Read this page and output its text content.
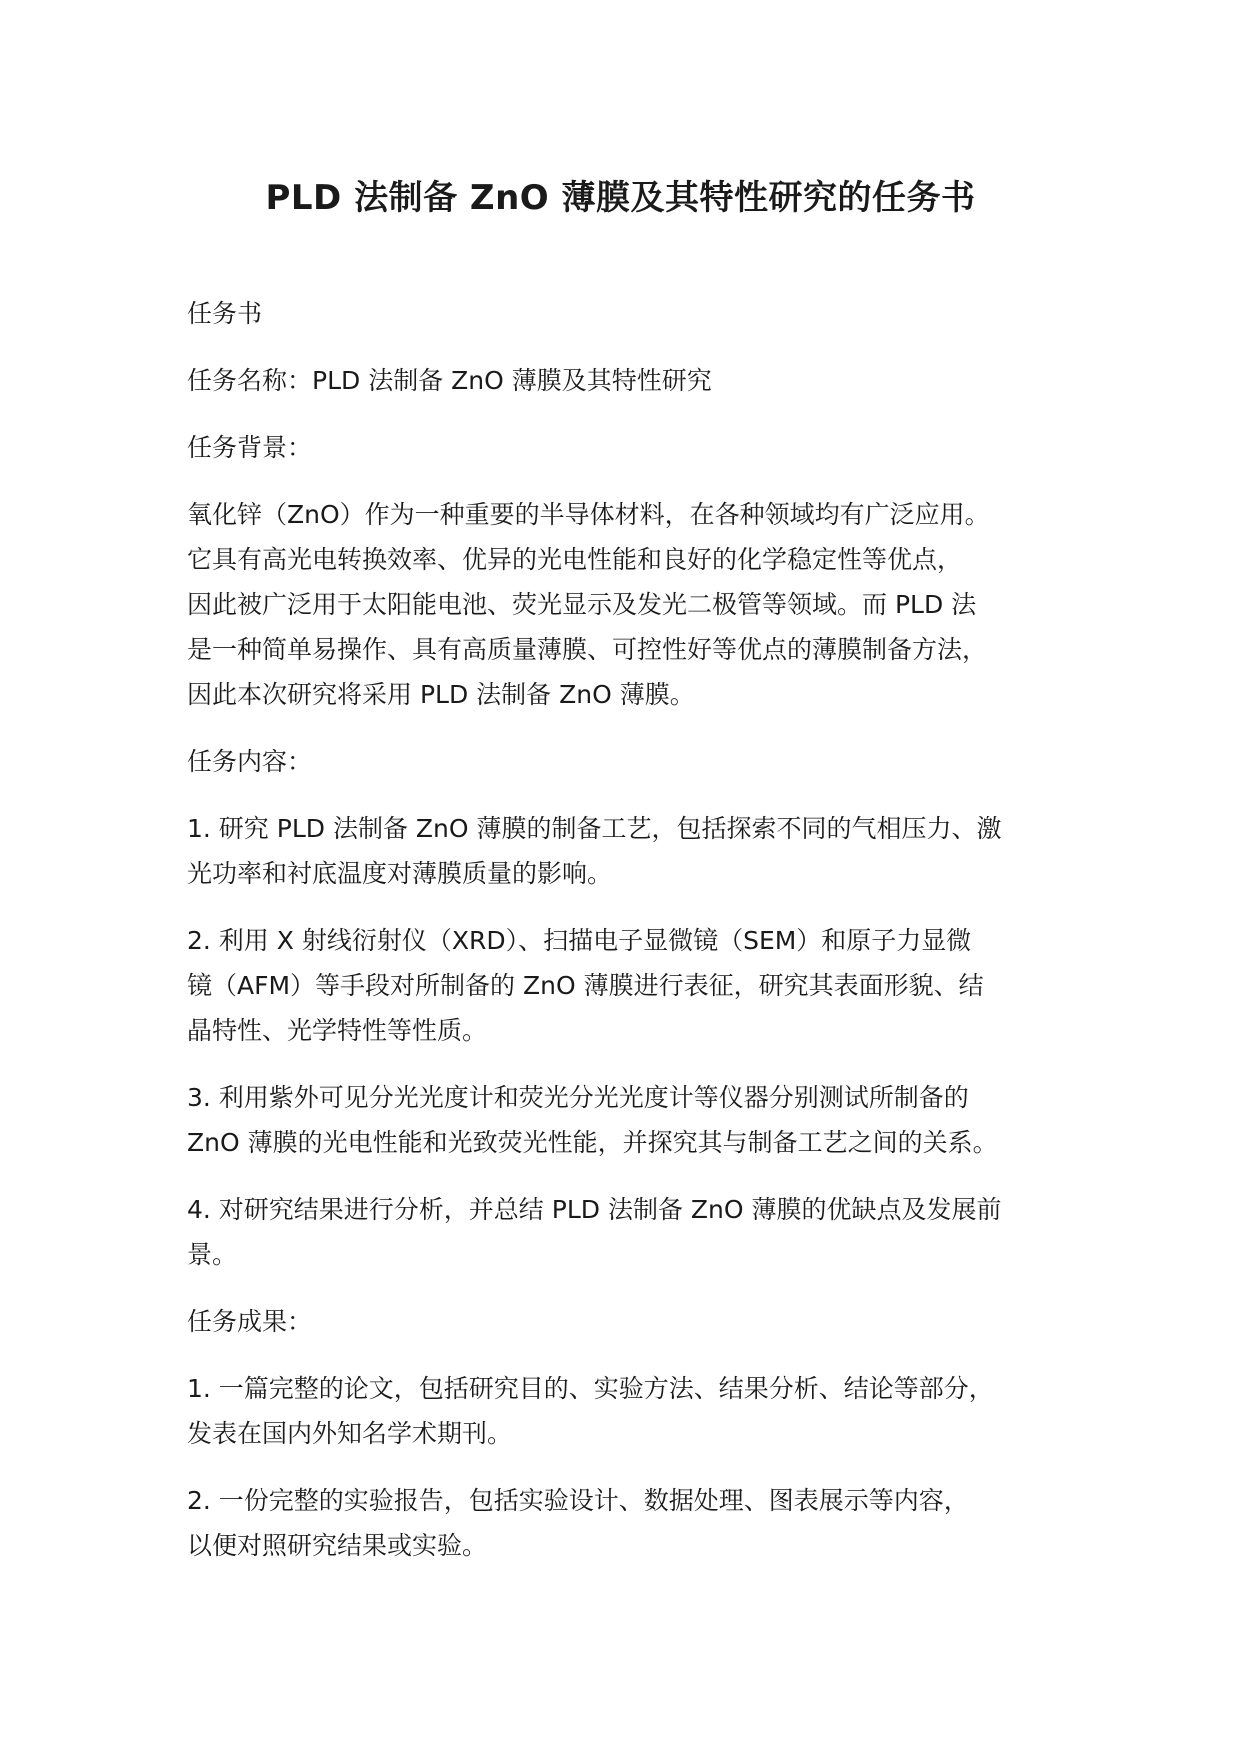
PLD 法制备 ZnO 薄膜及其特性研究的任务书

任务书

任务名称：PLD 法制备 ZnO 薄膜及其特性研究

任务背景：

氧化锌（ZnO）作为一种重要的半导体材料，在各种领域均有广泛应用。
它具有高光电转换效率、优异的光电性能和良好的化学稳定性等优点，
因此被广泛用于太阳能电池、荧光显示及发光二极管等领域。而 PLD 法
是一种简单易操作、具有高质量薄膜、可控性好等优点的薄膜制备方法，
因此本次研究将采用 PLD 法制备 ZnO 薄膜。

任务内容：

1. 研究 PLD 法制备 ZnO 薄膜的制备工艺，包括探索不同的气相压力、激
光功率和衬底温度对薄膜质量的影响。

2. 利用 X 射线衍射仪（XRD）、扫描电子显微镜（SEM）和原子力显微
镜（AFM）等手段对所制备的 ZnO 薄膜进行表征，研究其表面形貌、结
晶特性、光学特性等性质。

3. 利用紫外可见分光光度计和荧光分光光度计等仪器分别测试所制备的
ZnO 薄膜的光电性能和光致荧光性能，并探究其与制备工艺之间的关系。

4. 对研究结果进行分析，并总结 PLD 法制备 ZnO 薄膜的优缺点及发展前
景。

任务成果：

1. 一篇完整的论文，包括研究目的、实验方法、结果分析、结论等部分，
发表在国内外知名学术期刊。

2. 一份完整的实验报告，包括实验设计、数据处理、图表展示等内容，
以便对照研究结果或实验。
